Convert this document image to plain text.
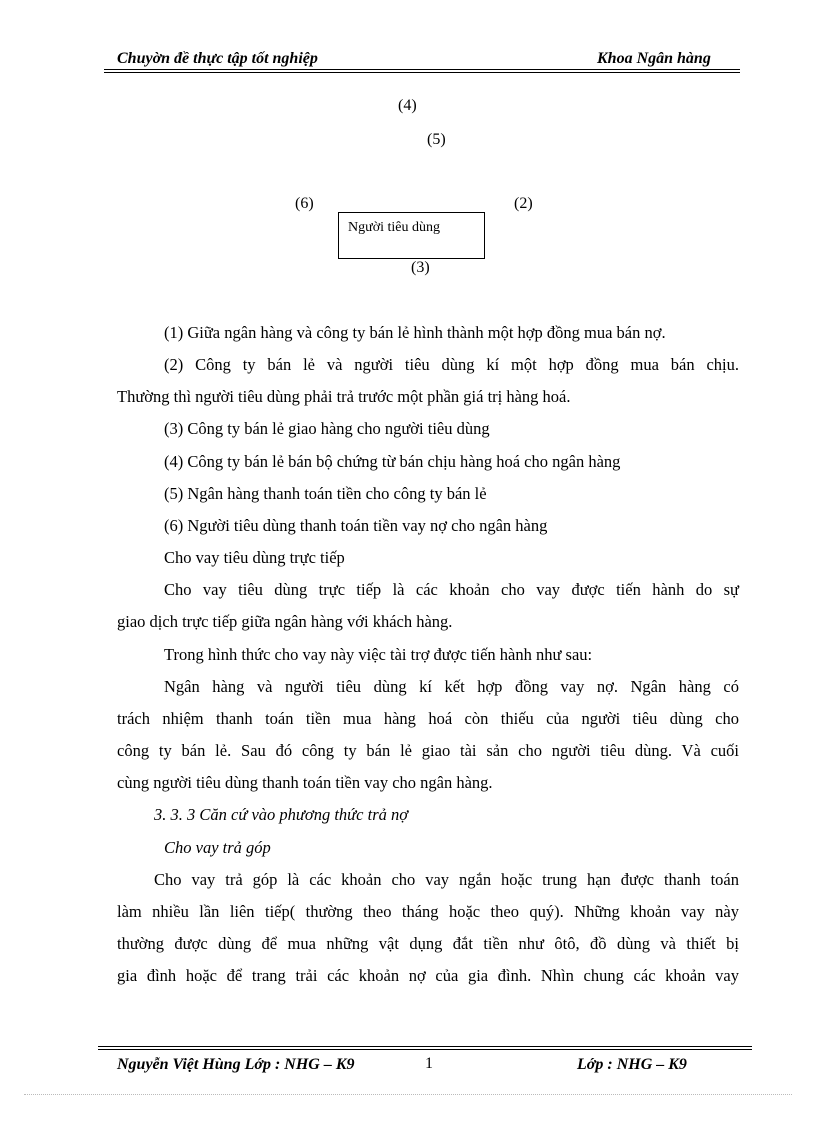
Chuyờn đề thực tập tốt nghiệp	Khoa Ngân hàng
(4)
(5)
(6)	(2)
Người tiêu dùng
(3)
(1) Giữa ngân hàng và công ty bán lẻ hình thành một hợp đồng mua bán nợ.
(2) Công ty bán lẻ và người tiêu dùng kí một hợp đồng mua bán chịu.
Thường thì người tiêu dùng phải trả trước một phần giá trị hàng hoá.
(3) Công ty bán lẻ giao hàng cho người tiêu dùng
(4) Công ty bán lẻ bán bộ chứng từ bán chịu hàng hoá cho ngân hàng
(5) Ngân hàng thanh toán tiền cho công ty bán lẻ
(6) Người tiêu dùng thanh toán tiền vay nợ cho ngân hàng
Cho vay tiêu dùng trực tiếp
Cho vay tiêu dùng trực tiếp là các khoản cho vay được tiến hành do sự
giao dịch trực tiếp giữa ngân hàng với khách hàng.
Trong hình thức cho vay này việc tài trợ được tiến hành như sau:
Ngân hàng và người tiêu dùng kí kết hợp đồng vay nợ. Ngân hàng có
trách nhiệm thanh toán tiền mua hàng hoá còn thiếu của người tiêu dùng cho
công ty bán lẻ. Sau đó công ty bán lẻ giao tài sản cho người tiêu dùng. Và cuối
cùng người tiêu dùng thanh toán tiền vay cho ngân hàng.
3. 3. 3 Căn cứ vào phương thức trả nợ
Cho vay trả góp
Cho vay trả góp là các khoản cho vay ngắn hoặc trung hạn được thanh toán
làm nhiều lần liên tiếp( thường theo tháng hoặc theo quý). Những khoản vay này
thường được dùng để mua những vật dụng đắt tiền như ôtô, đồ dùng và thiết bị
gia đình hoặc để trang trải các khoản nợ của gia đình. Nhìn chung các khoản vay
Nguyễn Việt Hùng Lớp : NHG – K9	1	Lớp : NHG – K9
